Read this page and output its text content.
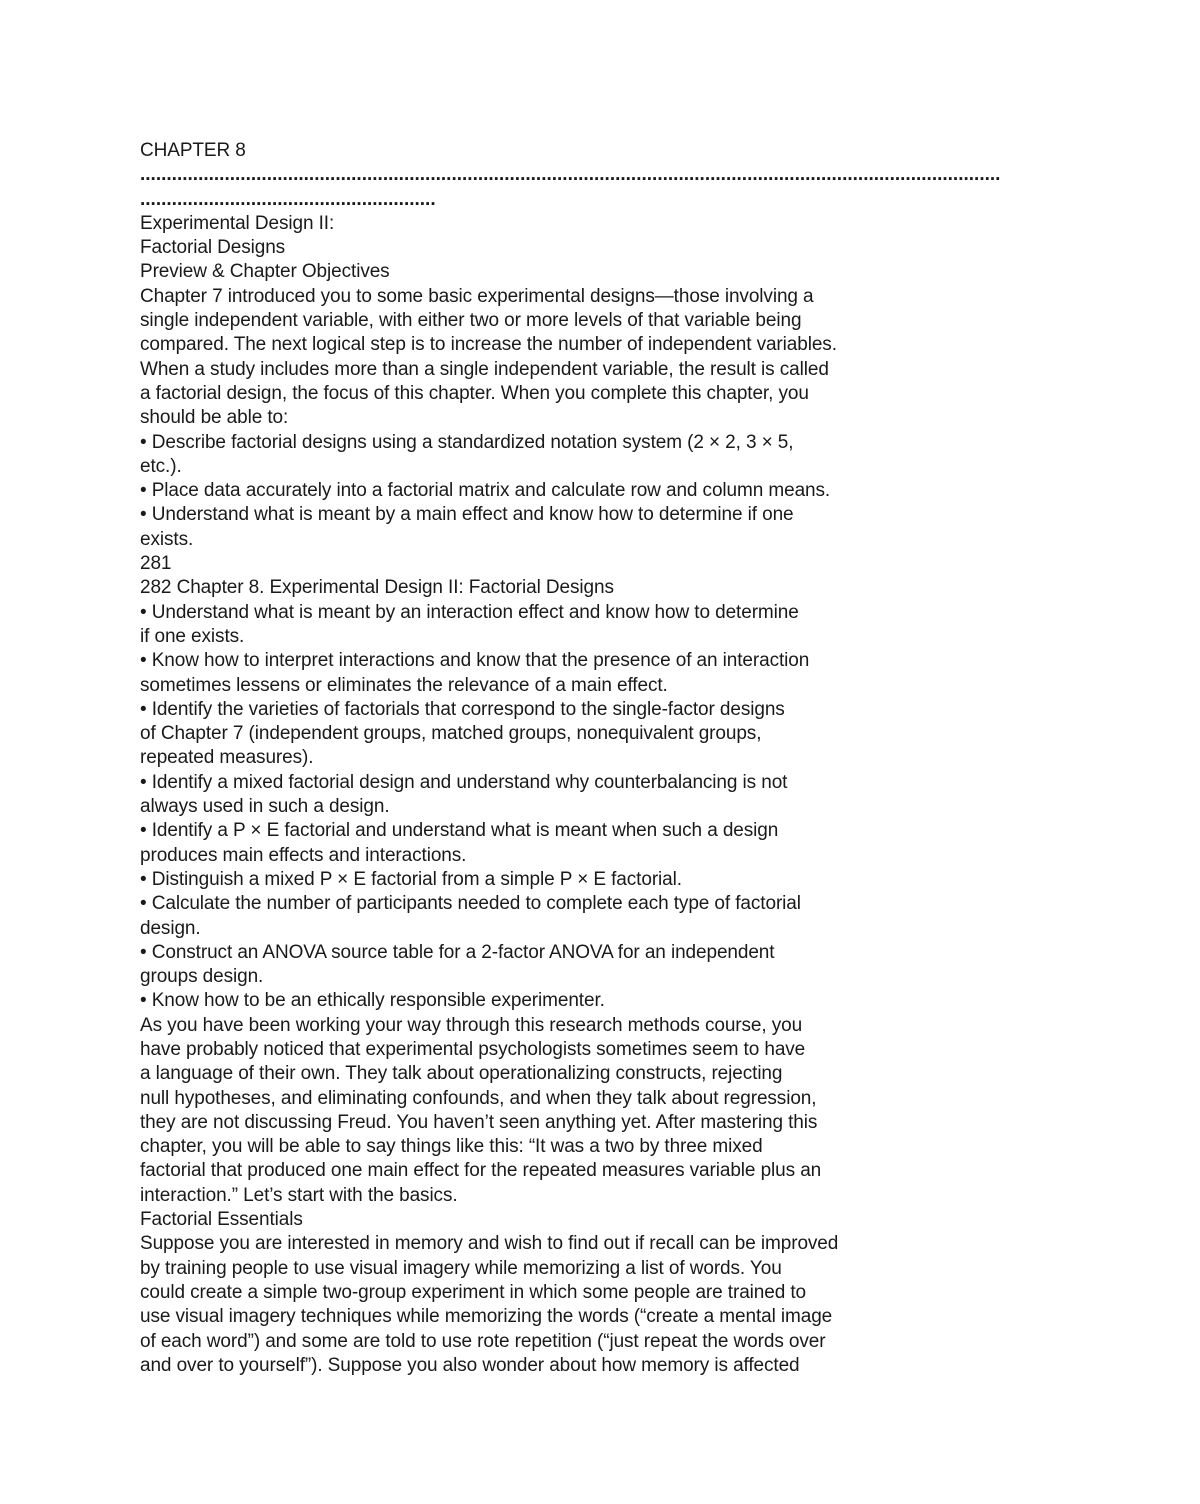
CHAPTER 8
...................................................................................................................................................................
........................................................
Experimental Design II:
Factorial Designs
Preview & Chapter Objectives
Chapter 7 introduced you to some basic experimental designs—those involving a
single independent variable, with either two or more levels of that variable being
compared. The next logical step is to increase the number of independent variables.
When a study includes more than a single independent variable, the result is called
a factorial design, the focus of this chapter. When you complete this chapter, you
should be able to:
• Describe factorial designs using a standardized notation system (2 × 2, 3 × 5,
etc.).
• Place data accurately into a factorial matrix and calculate row and column means.
• Understand what is meant by a main effect and know how to determine if one
exists.
281
282 Chapter 8. Experimental Design II: Factorial Designs
• Understand what is meant by an interaction effect and know how to determine
if one exists.
• Know how to interpret interactions and know that the presence of an interaction
sometimes lessens or eliminates the relevance of a main effect.
• Identify the varieties of factorials that correspond to the single-factor designs
of Chapter 7 (independent groups, matched groups, nonequivalent groups,
repeated measures).
• Identify a mixed factorial design and understand why counterbalancing is not
always used in such a design.
• Identify a P × E factorial and understand what is meant when such a design
produces main effects and interactions.
• Distinguish a mixed P × E factorial from a simple P × E factorial.
• Calculate the number of participants needed to complete each type of factorial
design.
• Construct an ANOVA source table for a 2-factor ANOVA for an independent
groups design.
• Know how to be an ethically responsible experimenter.
As you have been working your way through this research methods course, you
have probably noticed that experimental psychologists sometimes seem to have
a language of their own. They talk about operationalizing constructs, rejecting
null hypotheses, and eliminating confounds, and when they talk about regression,
they are not discussing Freud. You haven’t seen anything yet. After mastering this
chapter, you will be able to say things like this: “It was a two by three mixed
factorial that produced one main effect for the repeated measures variable plus an
interaction.” Let’s start with the basics.
Factorial Essentials
Suppose you are interested in memory and wish to find out if recall can be improved
by training people to use visual imagery while memorizing a list of words. You
could create a simple two-group experiment in which some people are trained to
use visual imagery techniques while memorizing the words (“create a mental image
of each word”) and some are told to use rote repetition (“just repeat the words over
and over to yourself”). Suppose you also wonder about how memory is affected
